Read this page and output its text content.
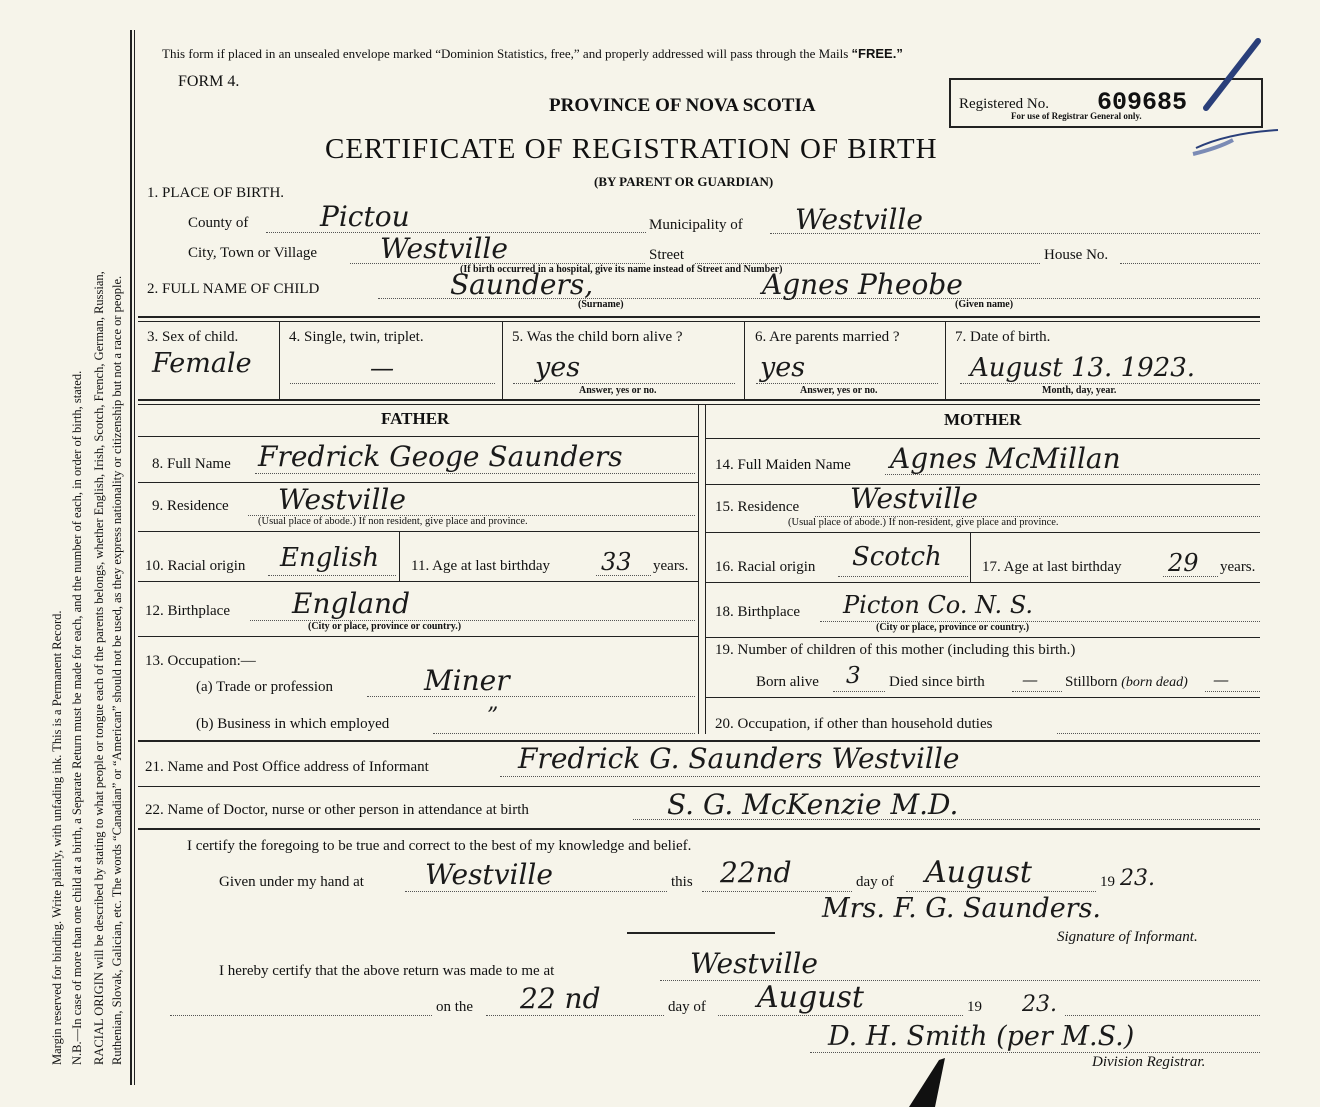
Margin reserved for binding. Write plainly, with unfading ink. This is a Permanent Record. N.B.—In case of more than one child at a birth, a Separate Return must be made for each, and the number of each, in order of birth, stated. RACIAL ORIGIN will be described by stating to what people or tongue each of the parents belongs, whether English, Irish, Scotch, French, German, Russian, Ruthenian, Slovak, Galician, etc. The words “Canadian” or “American” should not be used, as they express nationality or citizenship but not a race or people.
This form if placed in an unsealed envelope marked “Dominion Statistics, free,” and properly addressed will pass through the Mails “FREE.”
FORM 4.
PROVINCE OF NOVA SCOTIA
CERTIFICATE OF REGISTRATION OF BIRTH
(BY PARENT OR GUARDIAN)
Registered No. 609685
For use of Registrar General only.
1. PLACE OF BIRTH.
County of	Pictou	Municipality of Westville
City, Town or Village Westville	Street	House No.
(If birth occurred in a hospital, give its name instead of Street and Number)
2. FULL NAME OF CHILD	Saunders,	Agnes Pheobe
(Surname)	(Given name)
3. Sex of child.
Female
4. Single, twin, triplet.
—
5. Was the child born alive ?
yes
Answer, yes or no.
6. Are parents married ?
yes
Answer, yes or no.
7. Date of birth.
August 13. 1923.
Month, day, year.
FATHER
8. Full Name Fredrick Geoge Saunders
9. Residence Westville
(Usual place of abode.) If non resident, give place and province.
10. Racial origin English 11. Age at last birthday 33 years.
12. Birthplace England
(City or place, province or country.)
13. Occupation:—
(a) Trade or profession	Miner
(b) Business in which employed	”
MOTHER
14. Full Maiden Name Agnes McMillan
15. Residence Westville
(Usual place of abode.) If non-resident, give place and province.
16. Racial origin Scotch	17. Age at last birthday 29 years.
18. Birthplace Picton Co. N. S.
(City or place, province or country.)
19. Number of children of this mother (including this birth.)
Born alive 3 Died since birth — Stillborn (born dead) —
20. Occupation, if other than household duties
21. Name and Post Office address of Informant	Fredrick G. Saunders Westville
22. Name of Doctor, nurse or other person in attendance at birth	S. G. McKenzie M.D.
I certify the foregoing to be true and correct to the best of my knowledge and belief.
Given under my hand at Westville	this 22nd	day of August	19 23.
Mrs. F. G. Saunders.
Signature of Informant.
I hereby certify that the above return was made to me at	Westville
on the 22 nd	day of August	19 23.
D. H. Smith (per M.S.)
Division Registrar.
